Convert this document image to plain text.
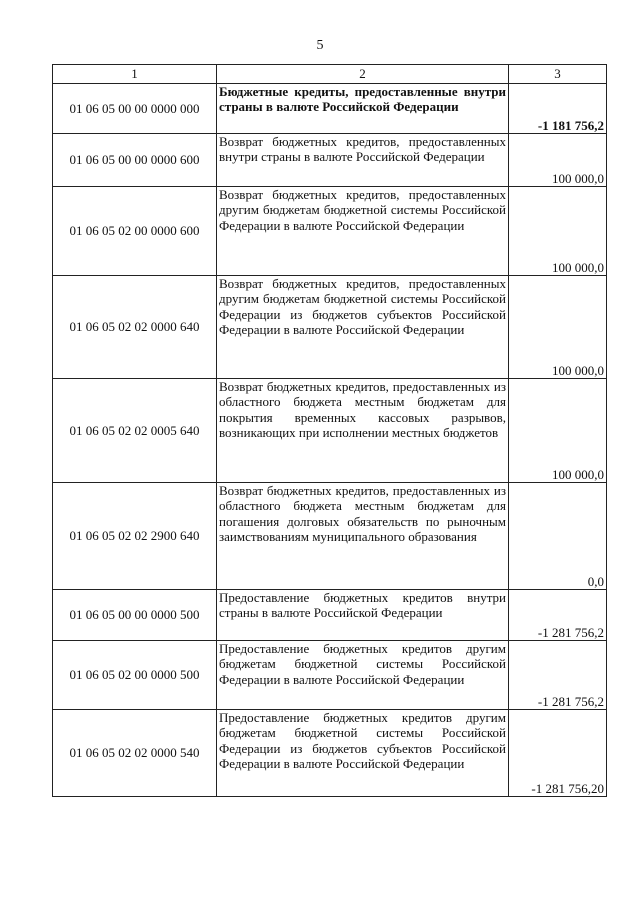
5
1	2	3
01 06 05 00 00 0000 000	Бюджетные кредиты, предоставленные внутри страны в валюте Российской Федерации	-1 181 756,2
01 06 05 00 00 0000 600	Возврат бюджетных кредитов, предоставленных внутри страны в валюте Российской Федерации	100 000,0
01 06 05 02 00 0000 600	Возврат бюджетных кредитов, предоставленных другим бюджетам бюджетной системы Российской Федерации в валюте Российской Федерации	100 000,0
01 06 05 02 02 0000 640	Возврат бюджетных кредитов, предоставленных другим бюджетам бюджетной системы Российской Федерации из бюджетов субъектов Российской Федерации в валюте Российской Федерации	100 000,0
01 06 05 02 02 0005 640	Возврат бюджетных кредитов, предоставленных из областного бюджета местным бюджетам для покрытия временных кассовых разрывов, возникающих при исполнении местных бюджетов	100 000,0
01 06 05 02 02 2900 640	Возврат бюджетных кредитов, предоставленных из областного бюджета местным бюджетам для погашения долговых обязательств по рыночным заимствованиям муниципального образования	0,0
01 06 05 00 00 0000 500	Предоставление бюджетных кредитов внутри страны в валюте Российской Федерации	-1 281 756,2
01 06 05 02 00 0000 500	Предоставление бюджетных кредитов другим бюджетам бюджетной системы Российской Федерации в валюте Российской Федерации	-1 281 756,2
01 06 05 02 02 0000 540	Предоставление бюджетных кредитов другим бюджетам бюджетной системы Российской Федерации из бюджетов субъектов Российской Федерации в валюте Российской Федерации	-1 281 756,20
